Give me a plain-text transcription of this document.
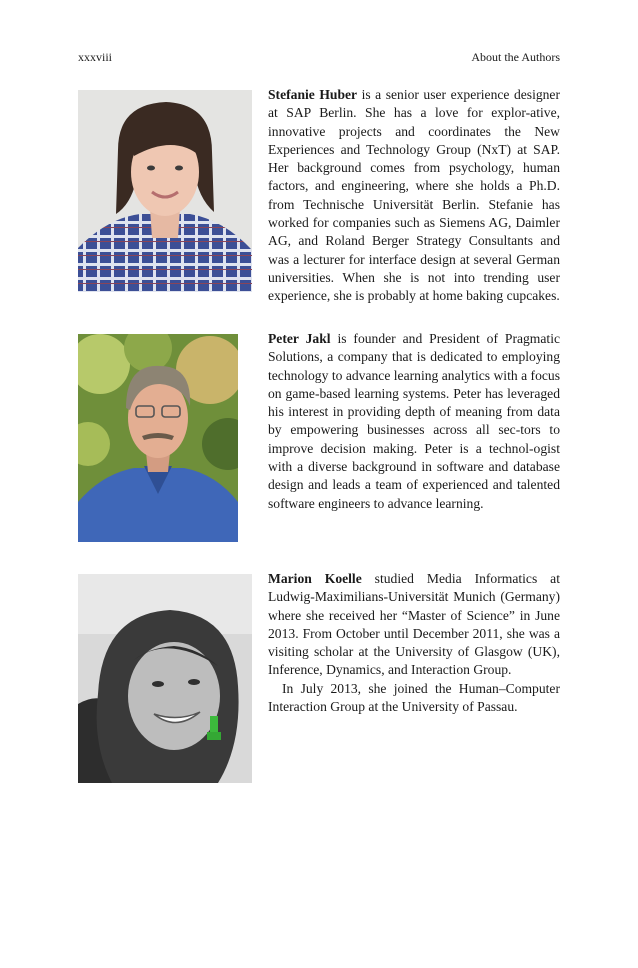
xxxviii	About the Authors

Stefanie Huber is a senior user experience designer at SAP Berlin. She has a love for explor-ative, innovative projects and coordinates the New Experiences and Technology Group (NxT) at SAP. Her background comes from psychology, human factors, and engineering, where she holds a Ph.D. from Technische Universität Berlin. Stefanie has worked for companies such as Siemens AG, Daimler AG, and Roland Berger Strategy Consultants and was a lecturer for interface design at several German universities. When she is not into trending user experience, she is probably at home baking cupcakes.

Peter Jakl is founder and President of Pragmatic Solutions, a company that is dedicated to employing technology to advance learning analytics with a focus on game-based learning systems. Peter has leveraged his interest in providing depth of meaning from data by empowering businesses across all sec-tors to improve decision making. Peter is a technol-ogist with a diverse background in software and database design and leads a team of experienced and talented software engineers to advance learning.

Marion Koelle studied Media Informatics at Ludwig-Maximilians-Universität Munich (Germany) where she received her “Master of Science” in June 2013. From October until December 2011, she was a visiting scholar at the University of Glasgow (UK), Inference, Dynamics, and Interaction Group.

In July 2013, she joined the Human–Computer Interaction Group at the University of Passau.
